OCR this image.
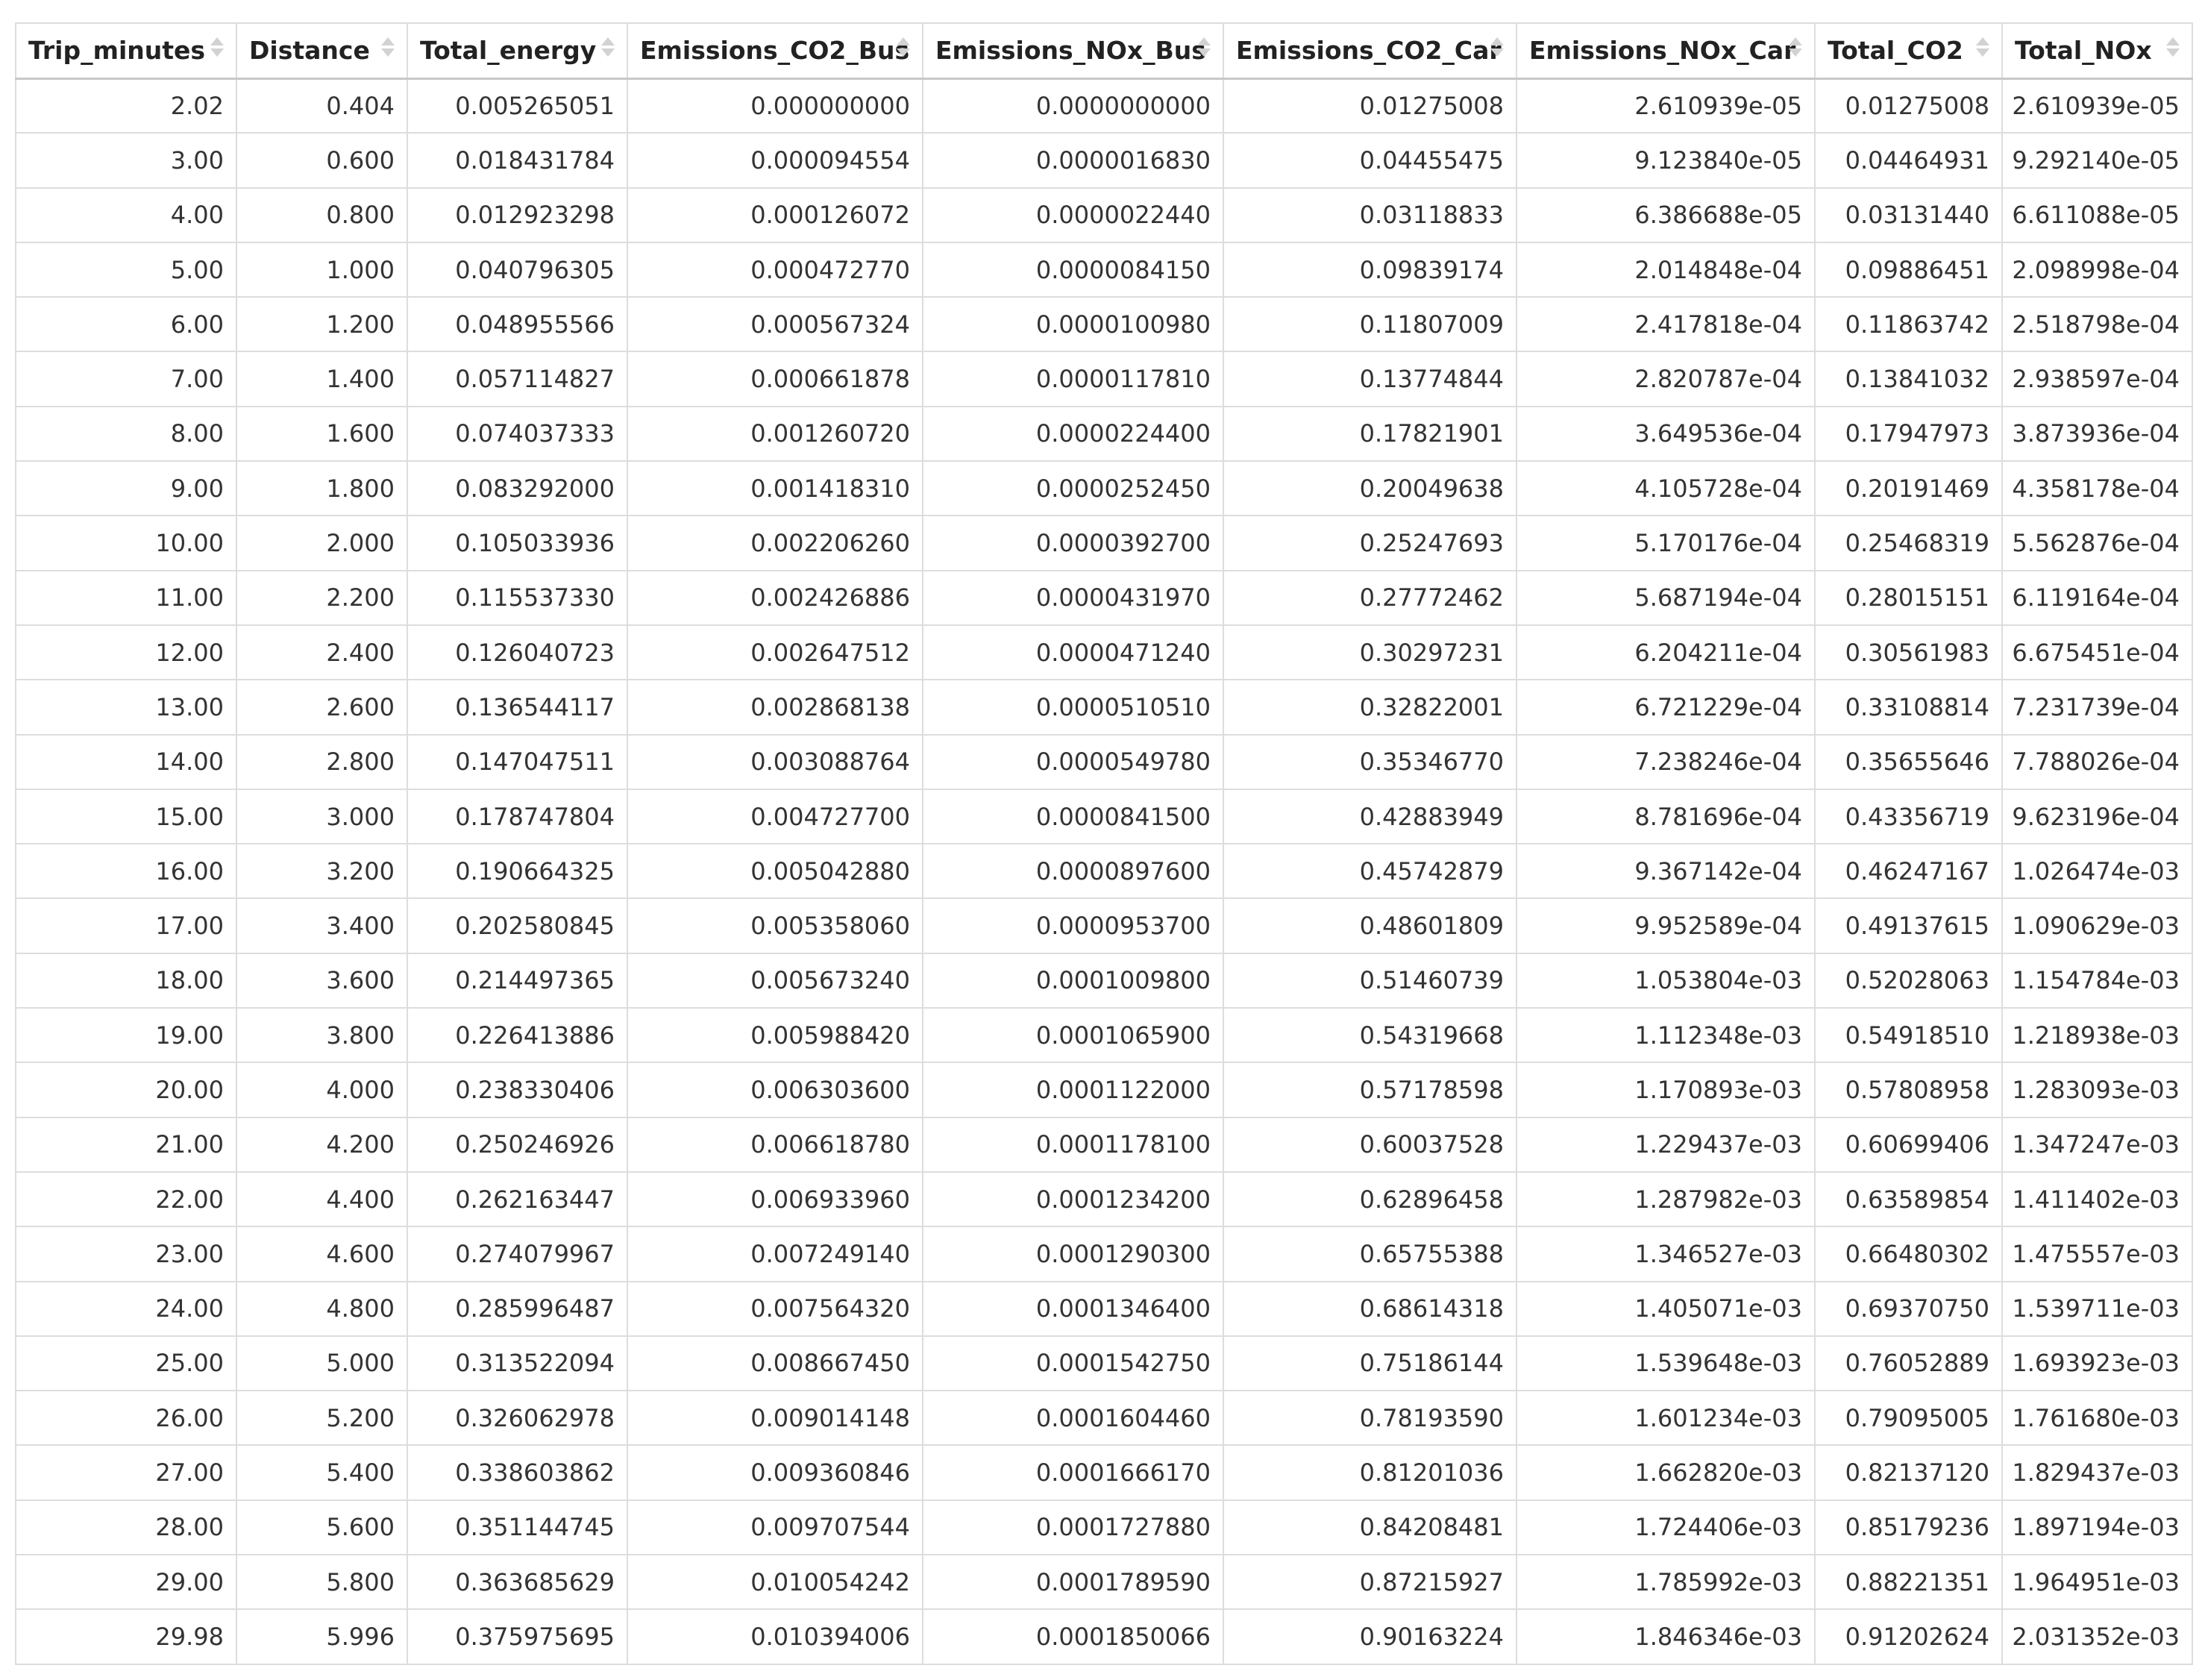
Trip_minutes	Distance	Total_energy	Emissions_CO2_Bus	Emissions_NOx_Bus	Emissions_CO2_Car	Emissions_NOx_Car	Total_CO2	Total_NOx

2.02	0.404	0.005265051	0.000000000	0.0000000000	0.01275008	2.610939e-05	0.01275008	2.610939e-05
3.00	0.600	0.018431784	0.000094554	0.0000016830	0.04455475	9.123840e-05	0.04464931	9.292140e-05
4.00	0.800	0.012923298	0.000126072	0.0000022440	0.03118833	6.386688e-05	0.03131440	6.611088e-05
5.00	1.000	0.040796305	0.000472770	0.0000084150	0.09839174	2.014848e-04	0.09886451	2.098998e-04
6.00	1.200	0.048955566	0.000567324	0.0000100980	0.11807009	2.417818e-04	0.11863742	2.518798e-04
7.00	1.400	0.057114827	0.000661878	0.0000117810	0.13774844	2.820787e-04	0.13841032	2.938597e-04
8.00	1.600	0.074037333	0.001260720	0.0000224400	0.17821901	3.649536e-04	0.17947973	3.873936e-04
9.00	1.800	0.083292000	0.001418310	0.0000252450	0.20049638	4.105728e-04	0.20191469	4.358178e-04
10.00	2.000	0.105033936	0.002206260	0.0000392700	0.25247693	5.170176e-04	0.25468319	5.562876e-04
11.00	2.200	0.115537330	0.002426886	0.0000431970	0.27772462	5.687194e-04	0.28015151	6.119164e-04
12.00	2.400	0.126040723	0.002647512	0.0000471240	0.30297231	6.204211e-04	0.30561983	6.675451e-04
13.00	2.600	0.136544117	0.002868138	0.0000510510	0.32822001	6.721229e-04	0.33108814	7.231739e-04
14.00	2.800	0.147047511	0.003088764	0.0000549780	0.35346770	7.238246e-04	0.35655646	7.788026e-04
15.00	3.000	0.178747804	0.004727700	0.0000841500	0.42883949	8.781696e-04	0.43356719	9.623196e-04
16.00	3.200	0.190664325	0.005042880	0.0000897600	0.45742879	9.367142e-04	0.46247167	1.026474e-03
17.00	3.400	0.202580845	0.005358060	0.0000953700	0.48601809	9.952589e-04	0.49137615	1.090629e-03
18.00	3.600	0.214497365	0.005673240	0.0001009800	0.51460739	1.053804e-03	0.52028063	1.154784e-03
19.00	3.800	0.226413886	0.005988420	0.0001065900	0.54319668	1.112348e-03	0.54918510	1.218938e-03
20.00	4.000	0.238330406	0.006303600	0.0001122000	0.57178598	1.170893e-03	0.57808958	1.283093e-03
21.00	4.200	0.250246926	0.006618780	0.0001178100	0.60037528	1.229437e-03	0.60699406	1.347247e-03
22.00	4.400	0.262163447	0.006933960	0.0001234200	0.62896458	1.287982e-03	0.63589854	1.411402e-03
23.00	4.600	0.274079967	0.007249140	0.0001290300	0.65755388	1.346527e-03	0.66480302	1.475557e-03
24.00	4.800	0.285996487	0.007564320	0.0001346400	0.68614318	1.405071e-03	0.69370750	1.539711e-03
25.00	5.000	0.313522094	0.008667450	0.0001542750	0.75186144	1.539648e-03	0.76052889	1.693923e-03
26.00	5.200	0.326062978	0.009014148	0.0001604460	0.78193590	1.601234e-03	0.79095005	1.761680e-03
27.00	5.400	0.338603862	0.009360846	0.0001666170	0.81201036	1.662820e-03	0.82137120	1.829437e-03
28.00	5.600	0.351144745	0.009707544	0.0001727880	0.84208481	1.724406e-03	0.85179236	1.897194e-03
29.00	5.800	0.363685629	0.010054242	0.0001789590	0.87215927	1.785992e-03	0.88221351	1.964951e-03
29.98	5.996	0.375975695	0.010394006	0.0001850066	0.90163224	1.846346e-03	0.91202624	2.031352e-03
